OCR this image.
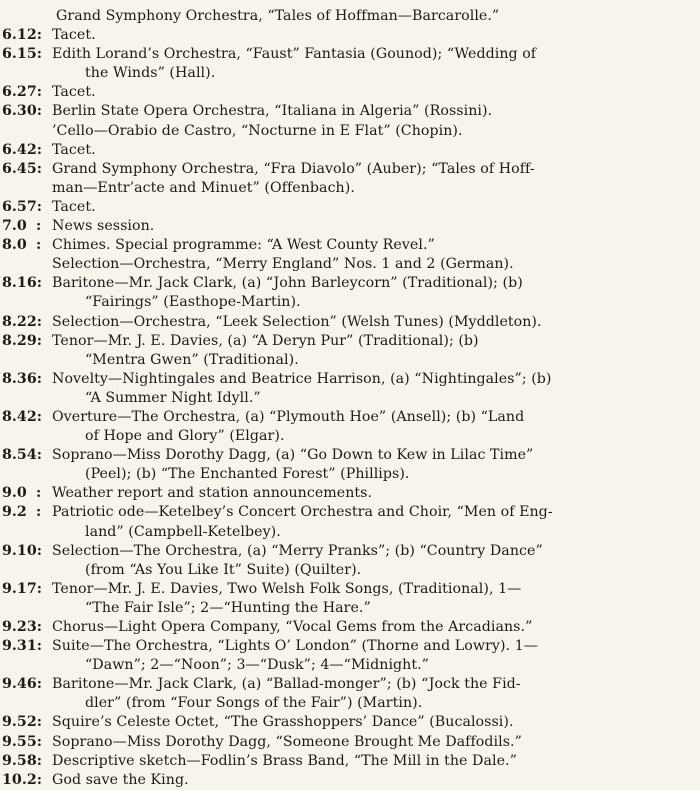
Grand Symphony Orchestra, “Tales of Hoffman—Barcarolle.”
6.12: Tacet.
6.15: Edith Lorand’s Orchestra, “Faust” Fantasia (Gounod); “Wedding of
the Winds” (Hall).
6.27: Tacet.
6.30: Berlin State Opera Orchestra, “Italiana in Algeria” (Rossini).
’Cello—Orabio de Castro, “Nocturne in E Flat” (Chopin).
6.42: Tacet.
6.45: Grand Symphony Orchestra, “Fra Diavolo” (Auber); “Tales of Hoff-
man—Entr’acte and Minuet” (Offenbach).
6.57: Tacet.
7.0 : News session.
8.0 : Chimes. Special programme: “A West County Revel.”
Selection—Orchestra, “Merry England” Nos. 1 and 2 (German).
8.16: Baritone—Mr. Jack Clark, (a) “John Barleycorn” (Traditional); (b)
“Fairings” (Easthope-Martin).
8.22: Selection—Orchestra, “Leek Selection” (Welsh Tunes) (Myddleton).
8.29: Tenor—Mr. J. E. Davies, (a) “A Deryn Pur” (Traditional); (b)
“Mentra Gwen” (Traditional).
8.36: Novelty—Nightingales and Beatrice Harrison, (a) “Nightingales”; (b)
“A Summer Night Idyll.”
8.42: Overture—The Orchestra, (a) “Plymouth Hoe” (Ansell); (b) “Land
of Hope and Glory” (Elgar).
8.54: Soprano—Miss Dorothy Dagg, (a) “Go Down to Kew in Lilac Time”
(Peel); (b) “The Enchanted Forest” (Phillips).
9.0 : Weather report and station announcements.
9.2 : Patriotic ode—Ketelbey’s Concert Orchestra and Choir, “Men of Eng-
land” (Campbell-Ketelbey).
9.10: Selection—The Orchestra, (a) “Merry Pranks”; (b) “Country Dance”
(from “As You Like It” Suite) (Quilter).
9.17: Tenor—Mr. J. E. Davies, Two Welsh Folk Songs, (Traditional), 1—
“The Fair Isle”; 2—“Hunting the Hare.”
9.23: Chorus—Light Opera Company, “Vocal Gems from the Arcadians.”
9.31: Suite—The Orchestra, “Lights O’ London” (Thorne and Lowry). 1—
“Dawn”; 2—“Noon”; 3—“Dusk”; 4—“Midnight.”
9.46: Baritone—Mr. Jack Clark, (a) “Ballad-monger”; (b) “Jock the Fid-
dler” (from “Four Songs of the Fair”) (Martin).
9.52: Squire’s Celeste Octet, “The Grasshoppers’ Dance” (Bucalossi).
9.55: Soprano—Miss Dorothy Dagg, “Someone Brought Me Daffodils.”
9.58: Descriptive sketch—Fodlin’s Brass Band, “The Mill in the Dale.”
10.2: God save the King.
